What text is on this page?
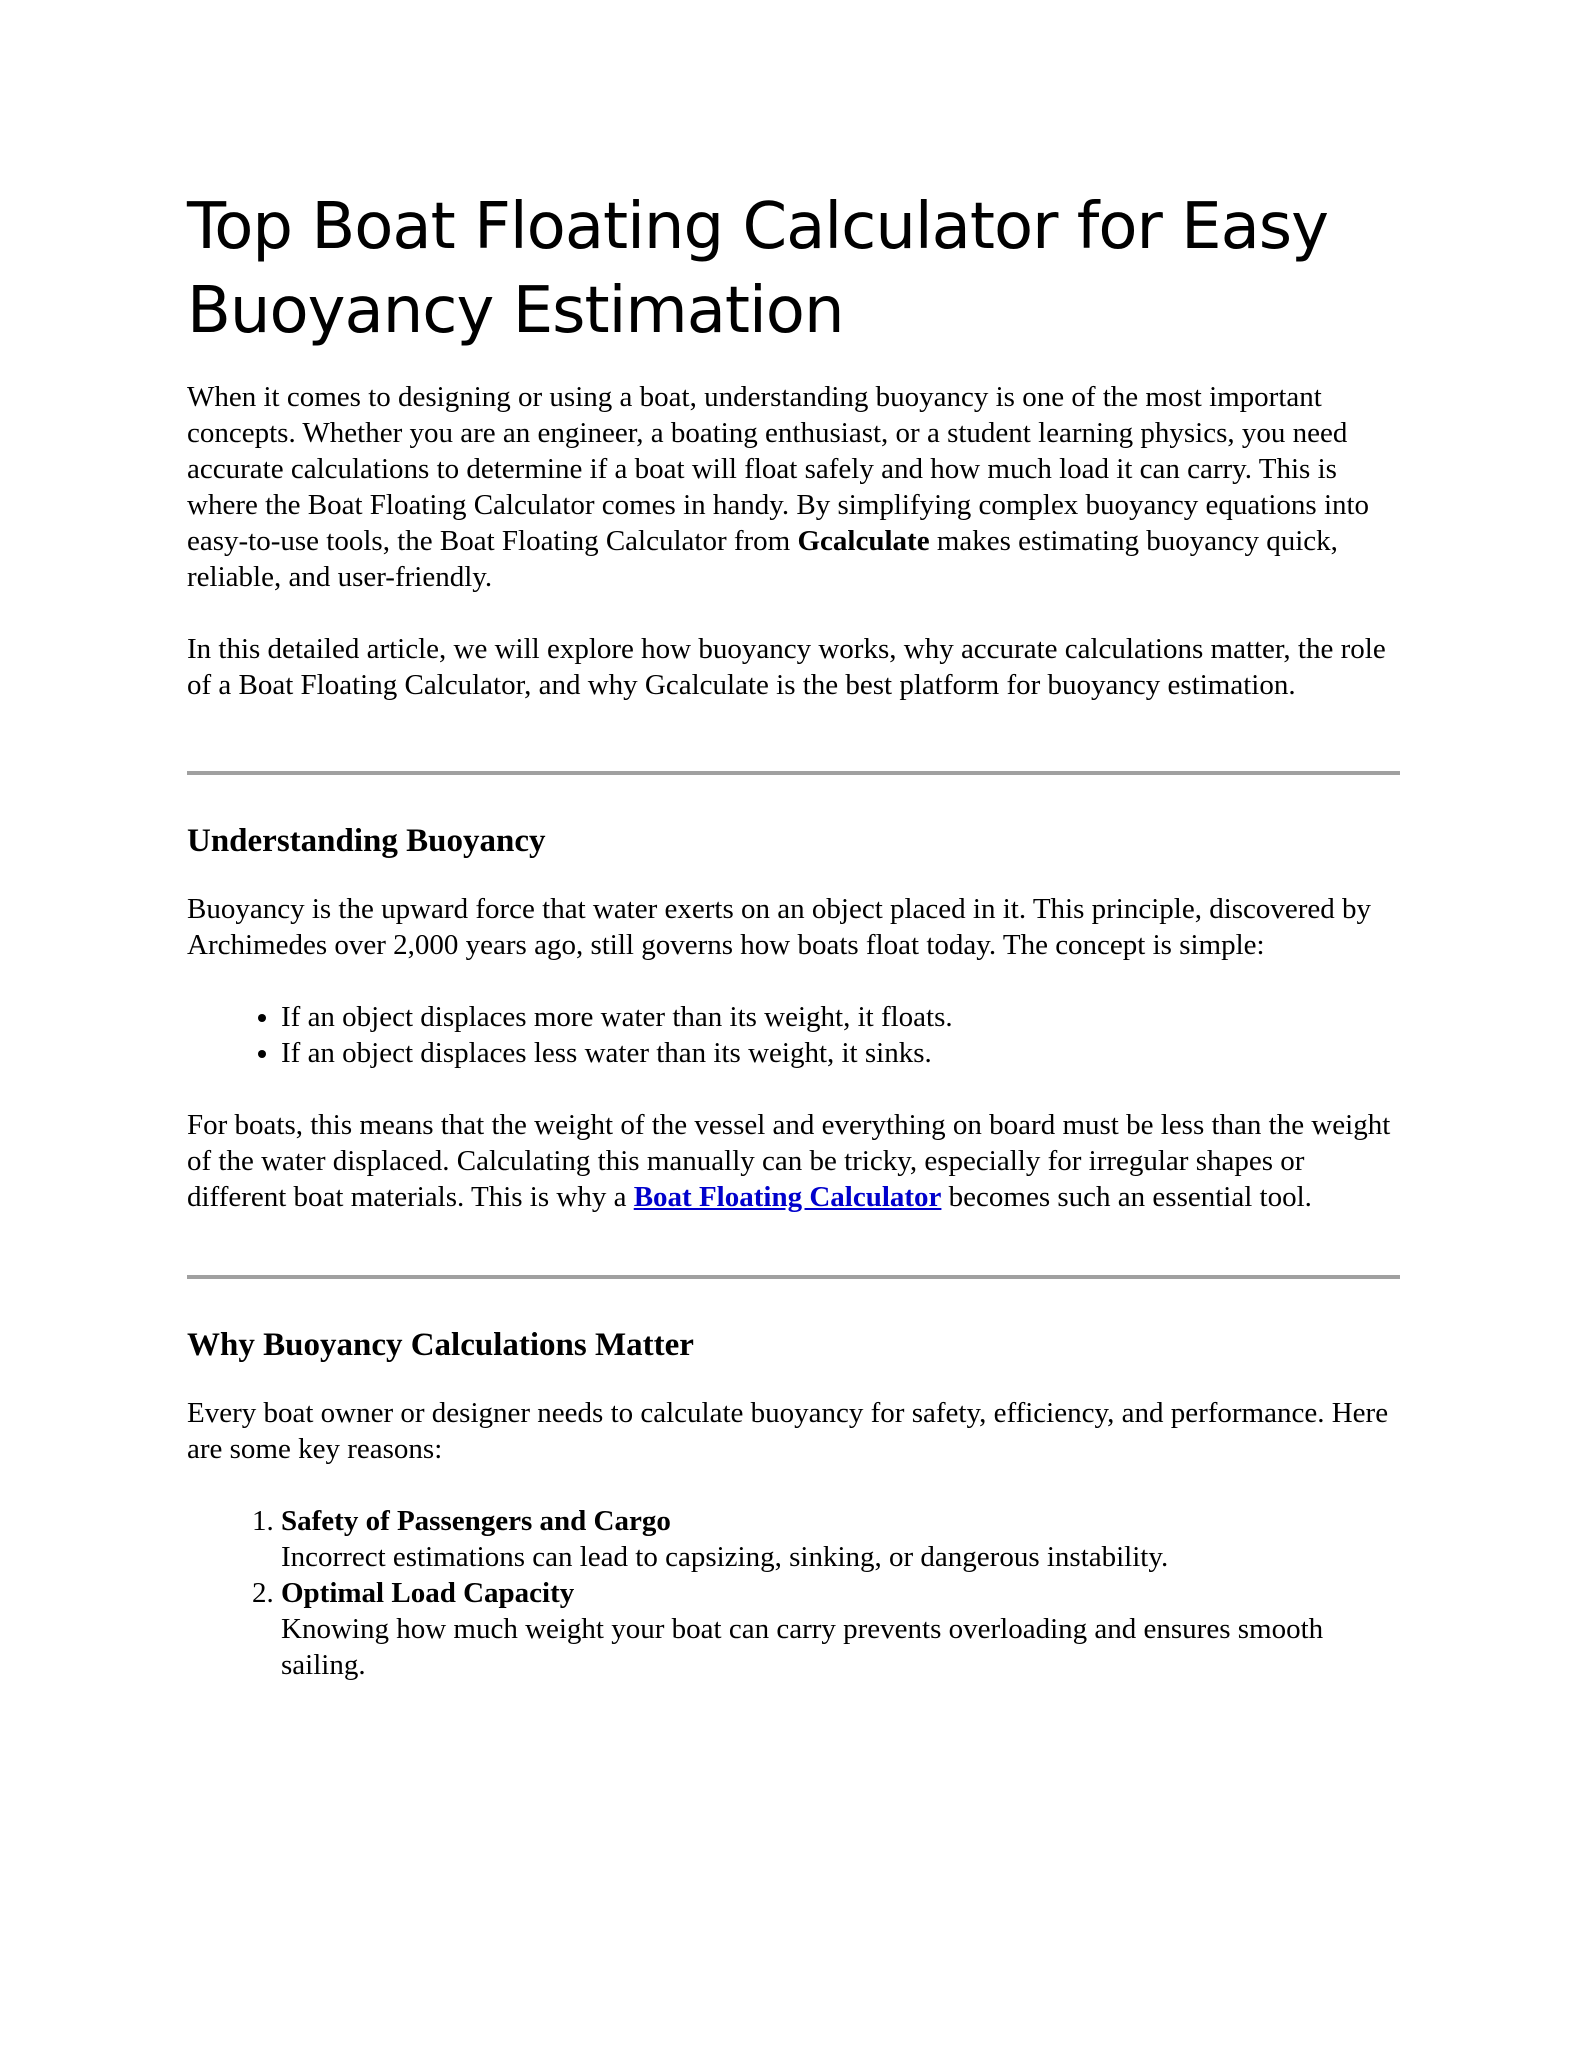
Top Boat Floating Calculator for Easy Buoyancy Estimation

When it comes to designing or using a boat, understanding buoyancy is one of the most important concepts. Whether you are an engineer, a boating enthusiast, or a student learning physics, you need accurate calculations to determine if a boat will float safely and how much load it can carry. This is where the Boat Floating Calculator comes in handy. By simplifying complex buoyancy equations into easy-to-use tools, the Boat Floating Calculator from Gcalculate makes estimating buoyancy quick, reliable, and user-friendly.

In this detailed article, we will explore how buoyancy works, why accurate calculations matter, the role of a Boat Floating Calculator, and why Gcalculate is the best platform for buoyancy estimation.

Understanding Buoyancy

Buoyancy is the upward force that water exerts on an object placed in it. This principle, discovered by Archimedes over 2,000 years ago, still governs how boats float today. The concept is simple:

• If an object displaces more water than its weight, it floats.
• If an object displaces less water than its weight, it sinks.

For boats, this means that the weight of the vessel and everything on board must be less than the weight of the water displaced. Calculating this manually can be tricky, especially for irregular shapes or different boat materials. This is why a Boat Floating Calculator becomes such an essential tool.

Why Buoyancy Calculations Matter

Every boat owner or designer needs to calculate buoyancy for safety, efficiency, and performance. Here are some key reasons:

1. Safety of Passengers and Cargo
Incorrect estimations can lead to capsizing, sinking, or dangerous instability.
2. Optimal Load Capacity
Knowing how much weight your boat can carry prevents overloading and ensures smooth sailing.
